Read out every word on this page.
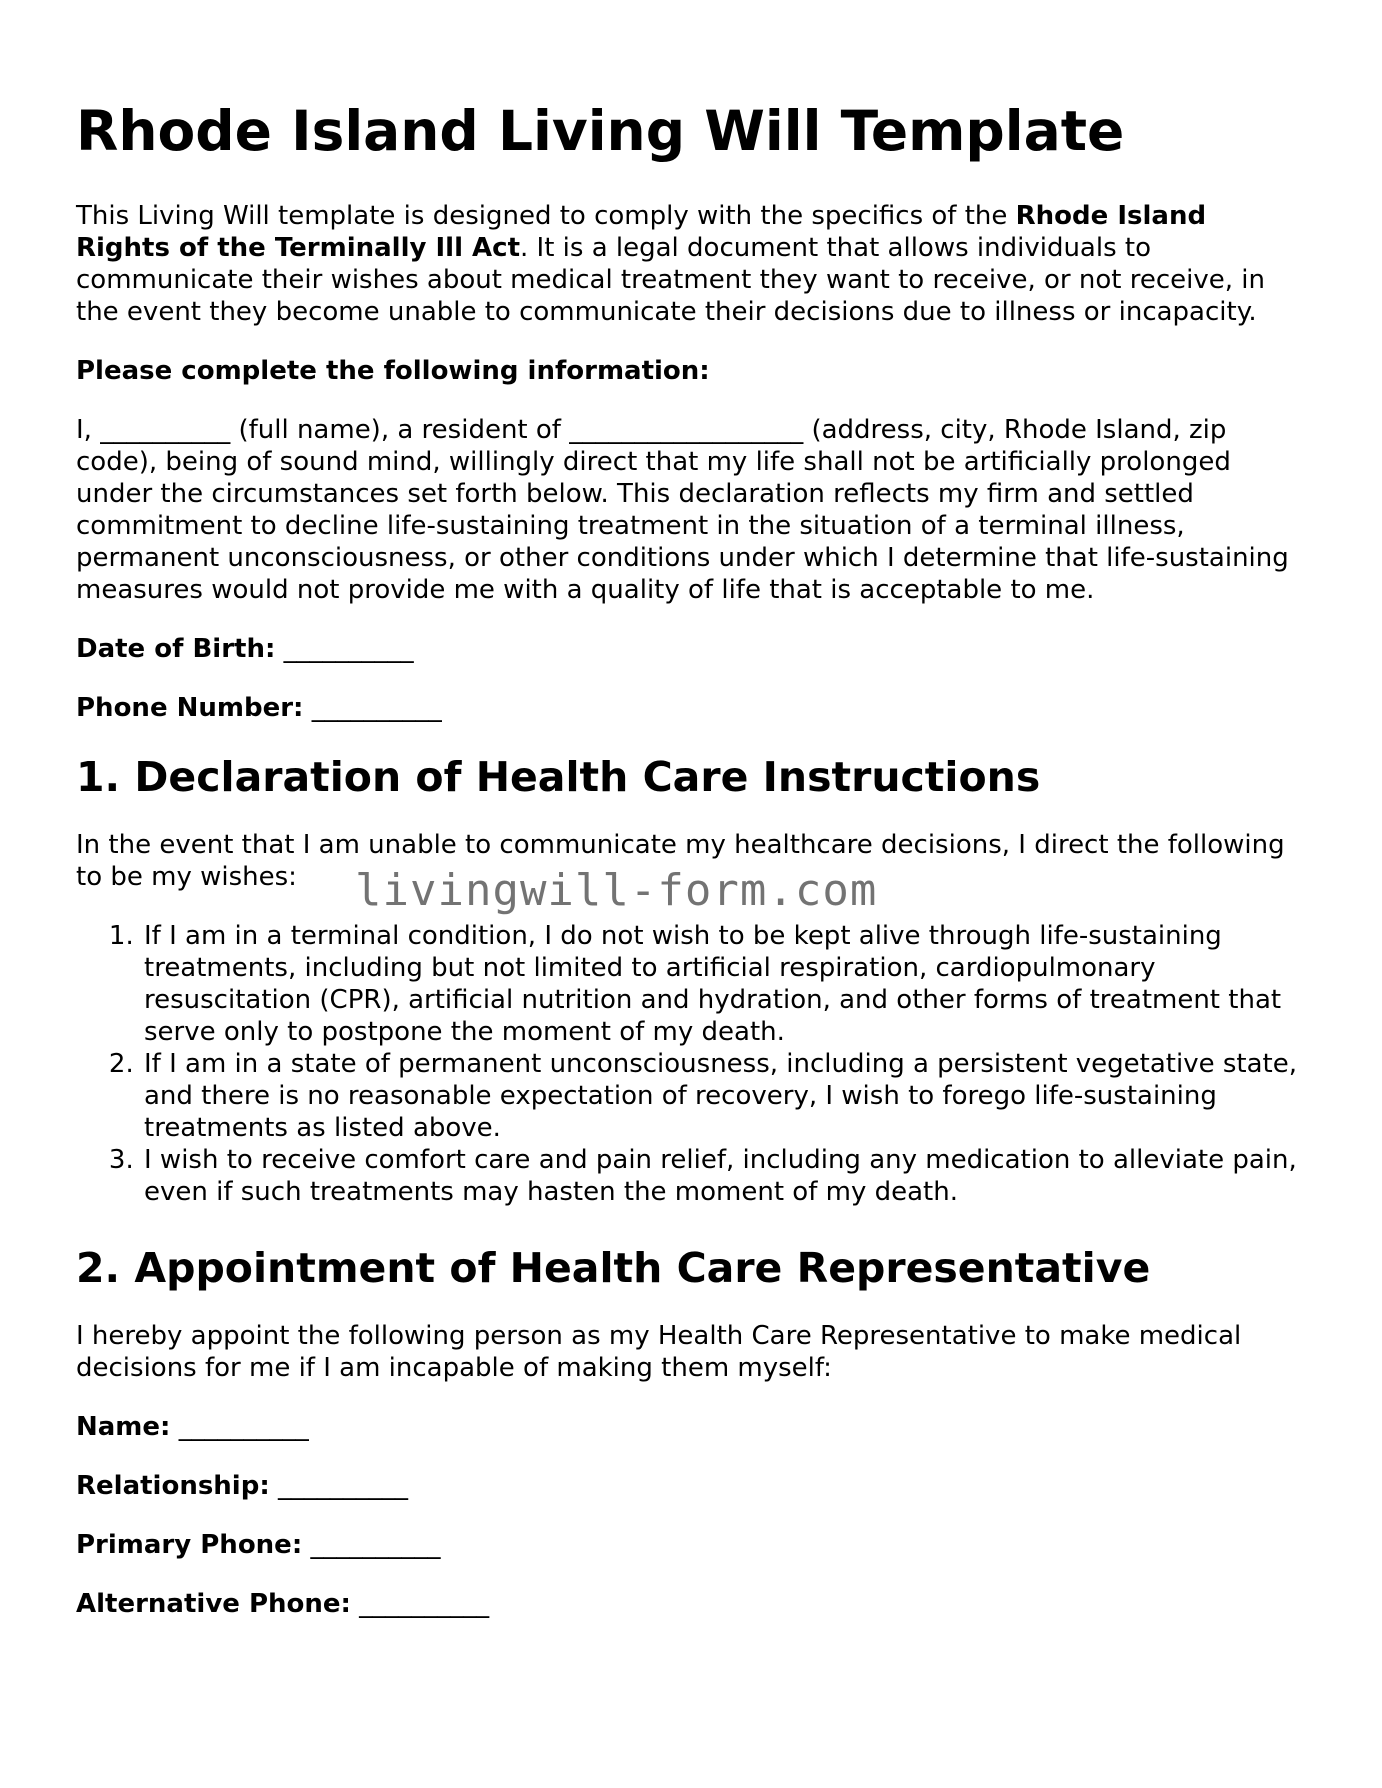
Rhode Island Living Will Template

This Living Will template is designed to comply with the specifics of the Rhode Island Rights of the Terminally Ill Act. It is a legal document that allows individuals to communicate their wishes about medical treatment they want to receive, or not receive, in the event they become unable to communicate their decisions due to illness or incapacity.

Please complete the following information:

I, __________ (full name), a resident of __________________ (address, city, Rhode Island, zip code), being of sound mind, willingly direct that my life shall not be artificially prolonged under the circumstances set forth below. This declaration reflects my firm and settled commitment to decline life-sustaining treatment in the situation of a terminal illness, permanent unconsciousness, or other conditions under which I determine that life-sustaining measures would not provide me with a quality of life that is acceptable to me.

Date of Birth: __________
Phone Number: __________
1. Declaration of Health Care Instructions

In the event that I am unable to communicate my healthcare decisions, I direct the following to be my wishes:

1. If I am in a terminal condition, I do not wish to be kept alive through life-sustaining treatments, including but not limited to artificial respiration, cardiopulmonary resuscitation (CPR), artificial nutrition and hydration, and other forms of treatment that serve only to postpone the moment of my death.
2. If I am in a state of permanent unconsciousness, including a persistent vegetative state, and there is no reasonable expectation of recovery, I wish to forego life-sustaining treatments as listed above.
3. I wish to receive comfort care and pain relief, including any medication to alleviate pain, even if such treatments may hasten the moment of my death.
2. Appointment of Health Care Representative

I hereby appoint the following person as my Health Care Representative to make medical decisions for me if I am incapable of making them myself:

Name: __________
Relationship: __________
Primary Phone: __________
Alternative Phone: __________
livingwill-form.com
